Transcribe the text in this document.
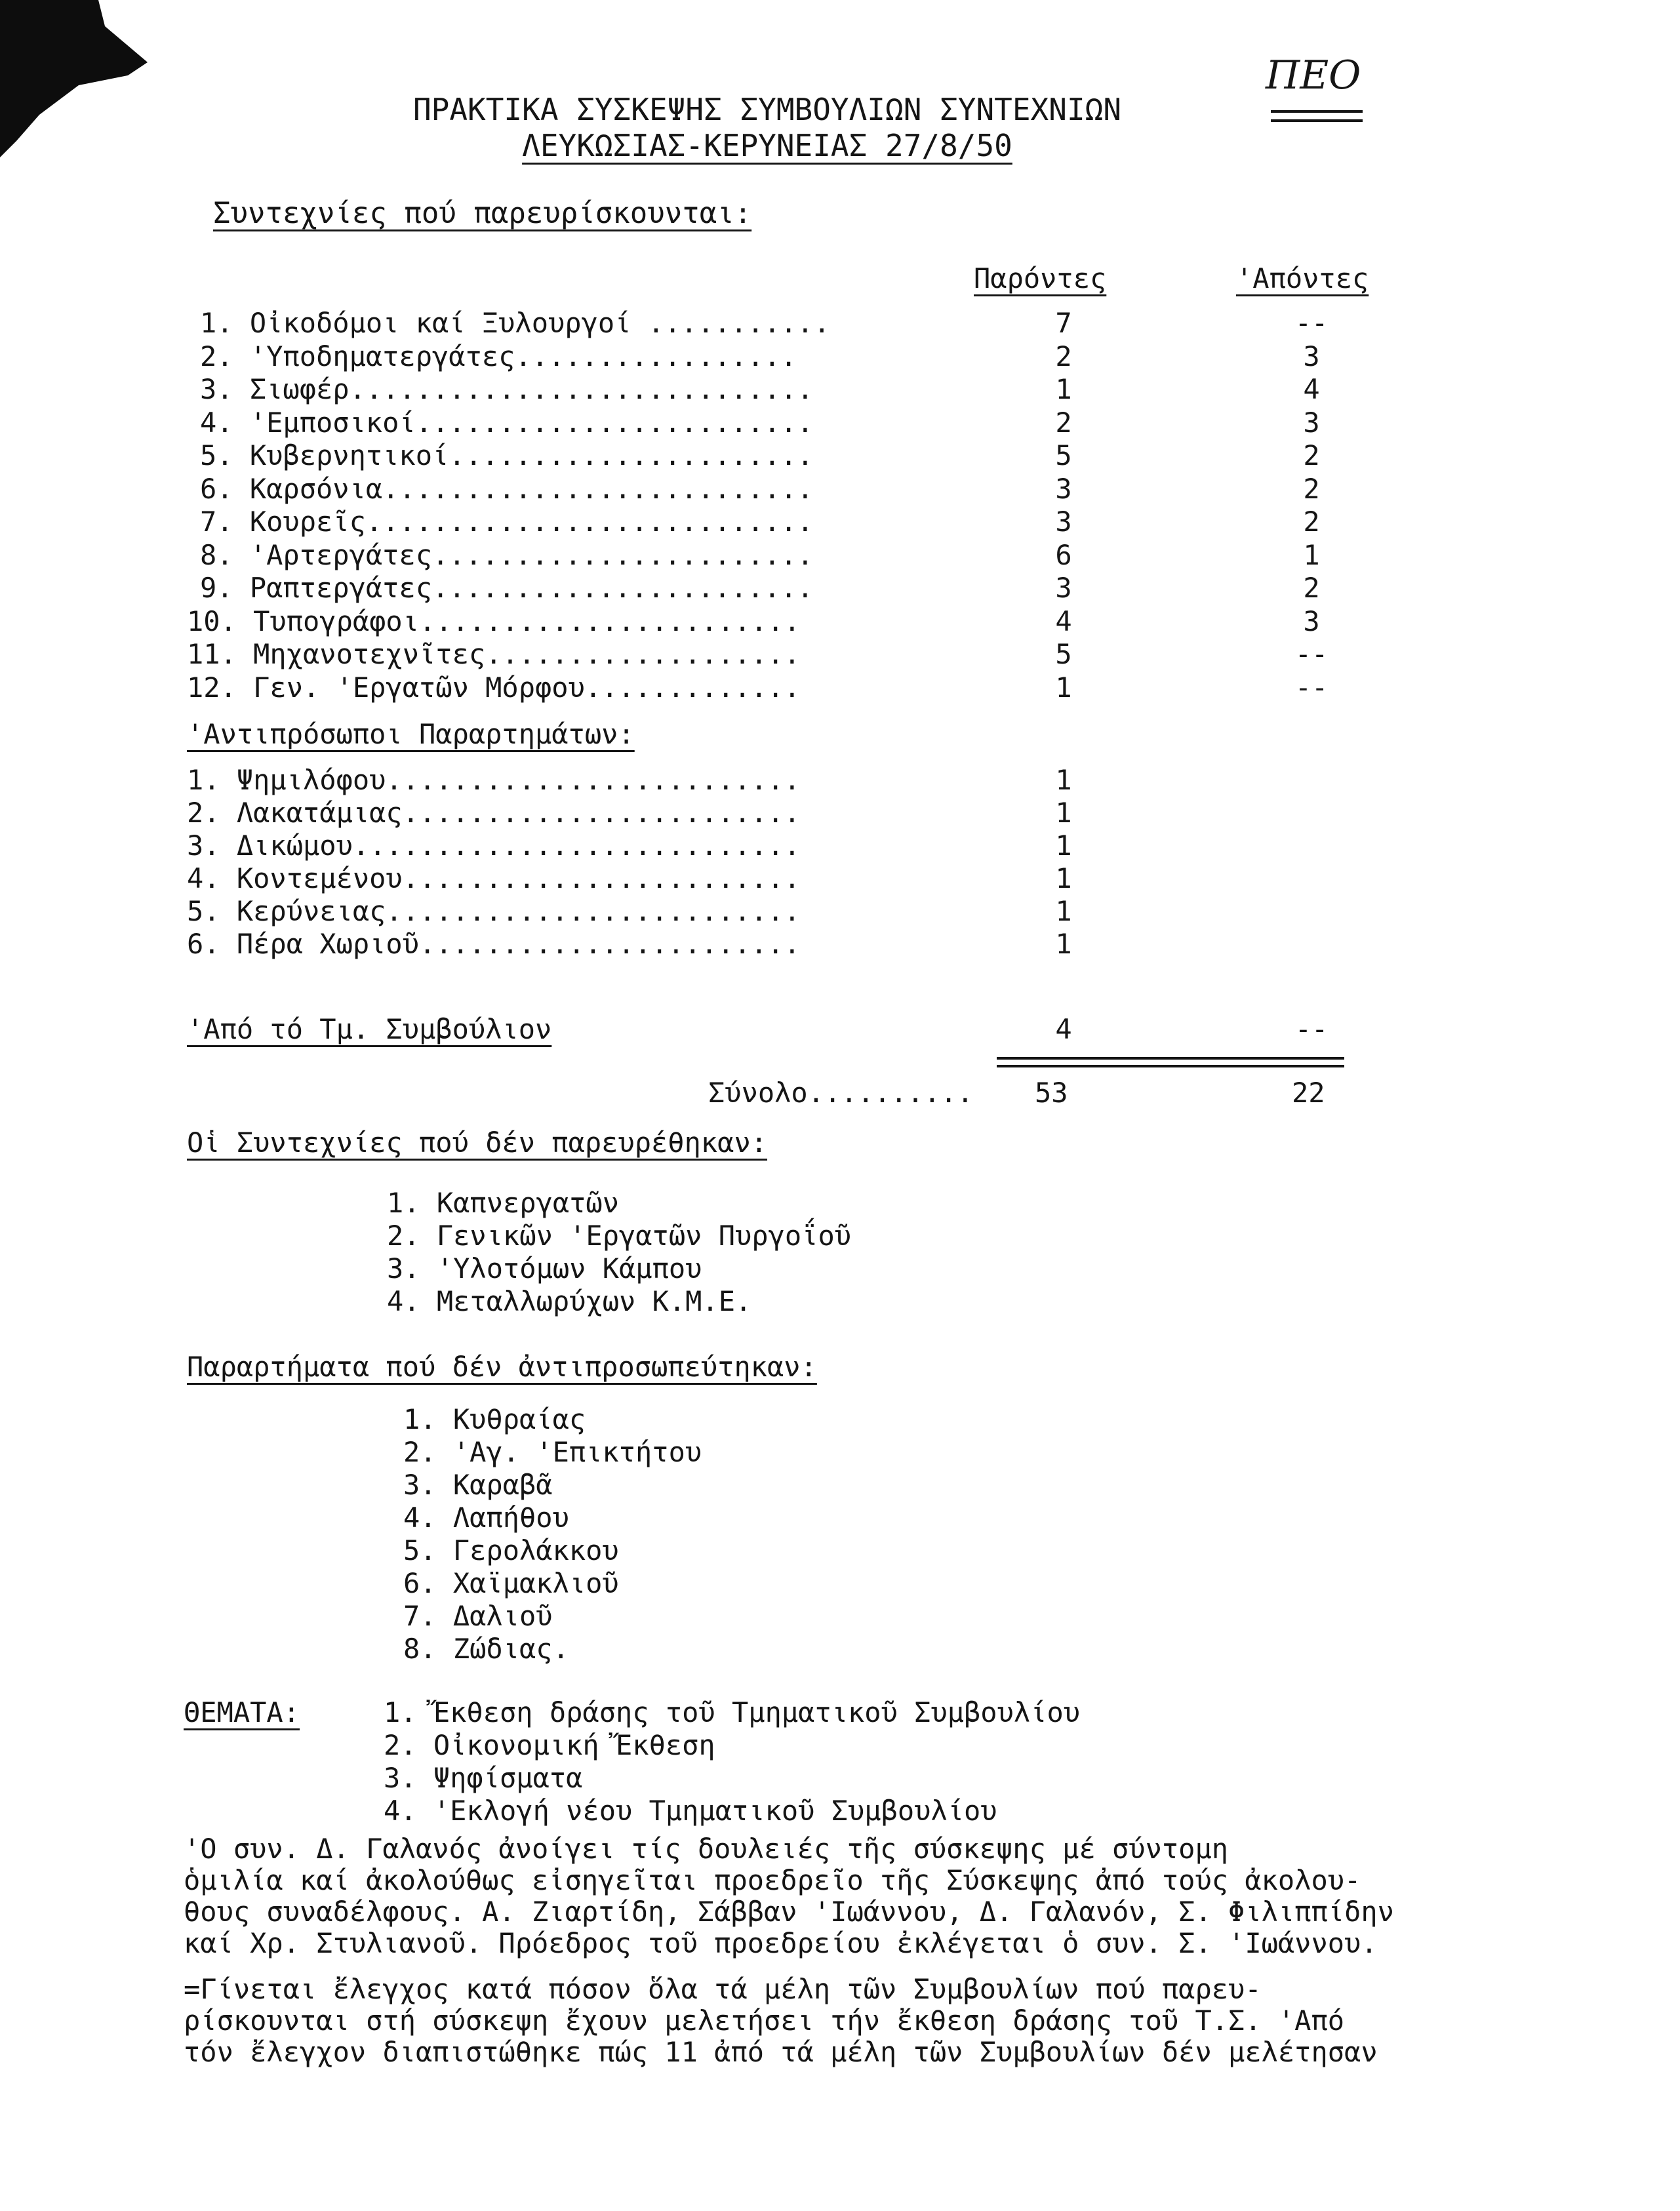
ΠΕΟ
ΠΡΑΚΤΙΚΑ ΣΥΣΚΕΨΗΣ ΣΥΜΒΟΥΛΙΩΝ ΣΥΝΤΕΧΝΙΩΝ
ΛΕΥΚΩΣΙΑΣ-ΚΕΡΥΝΕΙΑΣ 27/8/50
Συντεχνίες πού παρευρίσκουνται:
Παρόντες	'Απόντες
1. Οἰκοδόμοι καί Ξυλουργοί ...........	7	--
2. 'Υποδηματεργάτες.................	2	3
3. Σιωφέρ............................	1	4
4. 'Εμποσικοί........................	2	3
5. Κυβερνητικοί......................	5	2
6. Καρσόνια..........................	3	2
7. Κουρεῖς...........................	3	2
8. 'Αρτεργάτες.......................	6	1
9. Ραπτεργάτες.......................	3	2
10. Τυπογράφοι.......................	4	3
11. Μηχανοτεχνῖτες...................	5	--
12. Γεν. 'Εργατῶν Μόρφου.............	1	--
'Αντιπρόσωποι Παραρτημάτων:
1. Ψημιλόφου.........................	1
2. Λακατάμιας........................	1
3. Δικώμου...........................	1
4. Κοντεμένου........................	1
5. Κερύνειας.........................	1
6. Πέρα Χωριοῦ.......................	1
'Από τό Τμ. Συμβούλιον	4	--
Σύνολο.......... 53	22
Οἱ Συντεχνίες πού δέν παρευρέθηκαν:
1. Καπνεργατῶν
2. Γενικῶν 'Εργατῶν Πυργοΐοῦ
3. 'Υλοτόμων Κάμπου
4. Μεταλλωρύχων Κ.Μ.Ε.
Παραρτήματα πού δέν ἀντιπροσωπεύτηκαν:
1. Κυθραίας
2. 'Αγ. 'Επικτήτου
3. Καραβᾶ
4. Λαπήθου
5. Γερολάκκου
6. Χαϊμακλιοῦ
7. Δαλιοῦ
8. Ζώδιας.
ΘΕΜΑΤΑ:	1. Ἔκθεση δράσης τοῦ Τμηματικοῦ Συμβουλίου
2. Οἰκονομική Ἔκθεση
3. Ψηφίσματα
4. 'Εκλογή νέου Τμηματικοῦ Συμβουλίου
'Ο συν. Δ. Γαλανός ἀνοίγει τίς δουλειές τῆς σύσκεψης μέ σύντομη
ὁμιλία καί ἀκολούθως εἰσηγεῖται προεδρεῖο τῆς Σύσκεψης ἀπό τούς ἀκολου-
θους συναδέλφους. Α. Ζιαρτίδη, Σάββαν 'Ιωάννου, Δ. Γαλανόν, Σ. Φιλιππίδην
καί Χρ. Στυλιανοῦ. Πρόεδρος τοῦ προεδρείου ἐκλέγεται ὁ συν. Σ. 'Ιωάννου.
=Γίνεται ἔλεγχος κατά πόσον ὅλα τά μέλη τῶν Συμβουλίων πού παρευ-
ρίσκουνται στή σύσκεψη ἔχουν μελετήσει τήν ἔκθεση δράσης τοῦ Τ.Σ. 'Από
τόν ἔλεγχον διαπιστώθηκε πώς 11 ἀπό τά μέλη τῶν Συμβουλίων δέν μελέτησαν
